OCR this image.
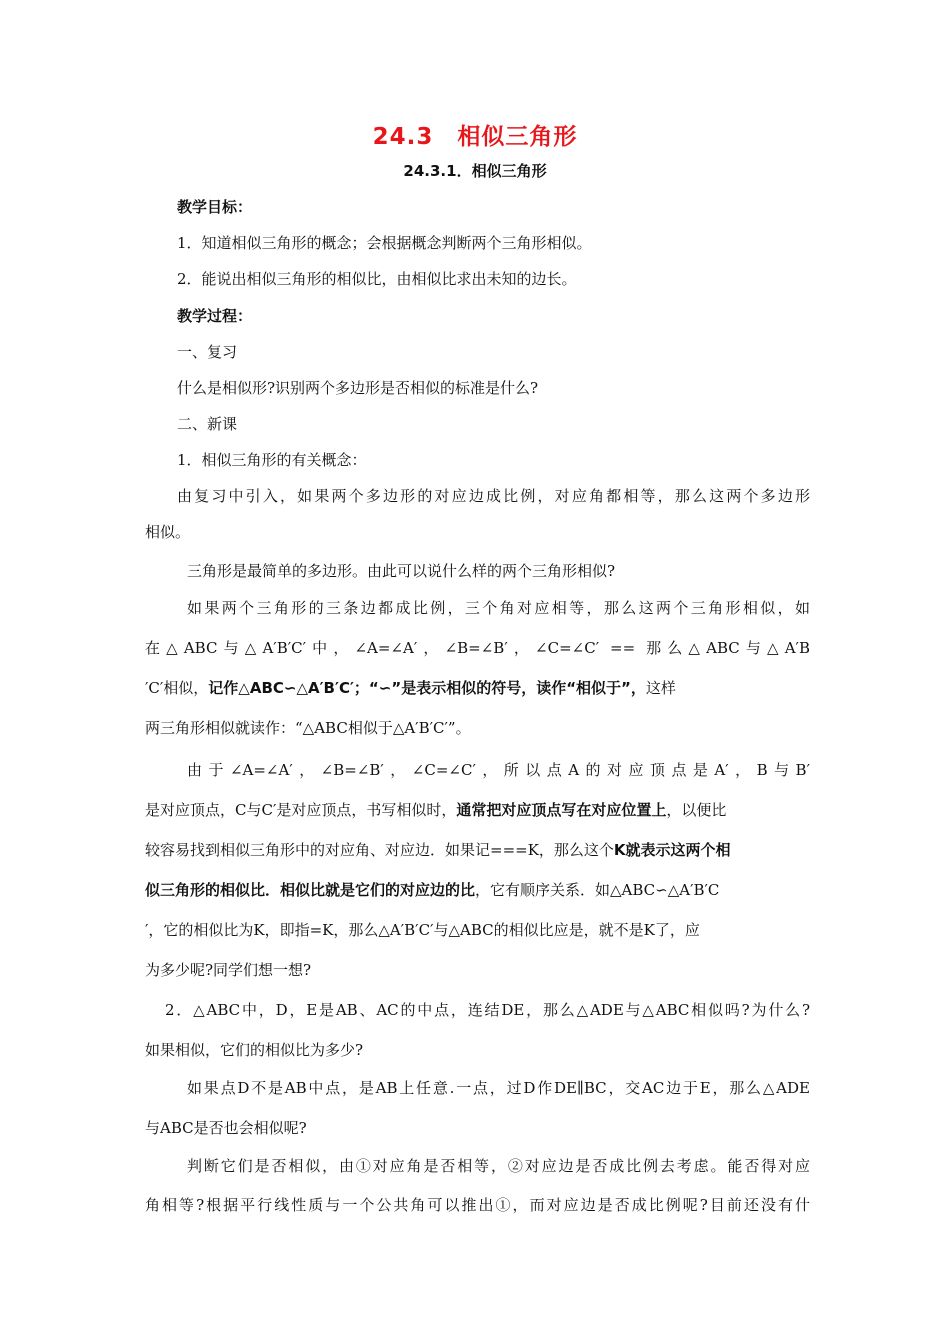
24.3　相似三角形
24.3.1．相似三角形
教学目标：
1．知道相似三角形的概念；会根据概念判断两个三角形相似。
2．能说出相似三角形的相似比，由相似比求出未知的边长。
教学过程：
一、复习
什么是相似形?识别两个多边形是否相似的标准是什么?
二、新课
1．相似三角形的有关概念：
由复习中引入，如果两个多边形的对应边成比例，对应角都相等，那么这两个多边形
相似。
三角形是最简单的多边形。由此可以说什么样的两个三角形相似?
如果两个三角形的三条边都成比例，三个角对应相等，那么这两个三角形相似，如
在△ABC与△A′B′C′中，∠A=∠A′，∠B=∠B′，∠C=∠C′ == 那么△ABC与△A′B
′C′相似，记作△ABC∽△A′B′C′；“∽”是表示相似的符号，读作“相似于”，这样
两三角形相似就读作：“△ABC相似于△A′B′C′”。
由于∠A=∠A′，∠B=∠B′，∠C=∠C′，所以点A的对应顶点是A′，B与B′
是对应顶点，C与C′是对应顶点，书写相似时，通常把对应顶点写在对应位置上，以便比
较容易找到相似三角形中的对应角、对应边．如果记===K，那么这个K就表示这两个相
似三角形的相似比．相似比就是它们的对应边的比，它有顺序关系．如△ABC∽△A′B′C
′，它的相似比为K，即指=K，那么△A′B′C′与△ABC的相似比应是，就不是K了，应
为多少呢?同学们想一想?
2．△ABC中，D，E是AB、AC的中点，连结DE，那么△ADE与△ABC相似吗?为什么?
如果相似，它们的相似比为多少?
如果点D不是AB中点，是AB上任意.一点，过D作DE∥BC，交AC边于E，那么△ADE
与ABC是否也会相似呢?
判断它们是否相似，由①对应角是否相等，②对应边是否成比例去考虑。能否得对应
角相等?根据平行线性质与一个公共角可以推出①，而对应边是否成比例呢?目前还没有什
